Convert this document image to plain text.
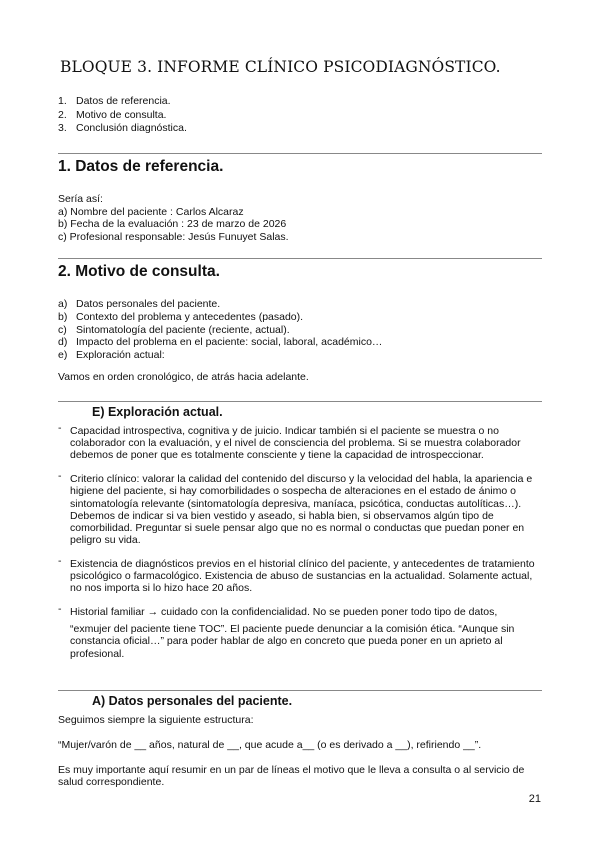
BLOQUE 3. INFORME CLÍNICO PSICODIAGNÓSTICO.
1. Datos de referencia.
2. Motivo de consulta.
3. Conclusión diagnóstica.
1. Datos de referencia.
Sería así:
a) Nombre del paciente : Carlos Alcaraz
b) Fecha de la evaluación : 23 de marzo de 2026
c) Profesional responsable: Jesús Funuyet Salas.
2. Motivo de consulta.
a) Datos personales del paciente.
b) Contexto del problema y antecedentes (pasado).
c) Sintomatología del paciente (reciente, actual).
d) Impacto del problema en el paciente: social, laboral, académico…
e) Exploración actual:
Vamos en orden cronológico, de atrás hacia adelante.
E) Exploración actual.
- Capacidad introspectiva, cognitiva y de juicio. Indicar también si el paciente se muestra o no colaborador con la evaluación, y el nivel de consciencia del problema. Si se muestra colaborador debemos de poner que es totalmente consciente y tiene la capacidad de introspeccionar.

- Criterio clínico: valorar la calidad del contenido del discurso y la velocidad del habla, la apariencia e higiene del paciente, si hay comorbilidades o sospecha de alteraciones en el estado de ánimo o sintomatología relevante (sintomatología depresiva, maníaca, psicótica, conductas autolíticas…). Debemos de indicar si va bien vestido y aseado, si habla bien, si observamos algún tipo de comorbilidad. Preguntar si suele pensar algo que no es normal o conductas que puedan poner en peligro su vida.

- Existencia de diagnósticos previos en el historial clínico del paciente, y antecedentes de tratamiento psicológico o farmacológico. Existencia de abuso de sustancias en la actualidad. Solamente actual, no nos importa si lo hizo hace 20 años.

- Historial familiar → cuidado con la confidencialidad. No se pueden poner todo tipo de datos,

“exmujer del paciente tiene TOC”. El paciente puede denunciar a la comisión ética. “Aunque sin constancia oficial…” para poder hablar de algo en concreto que pueda poner en un aprieto al profesional.

A) Datos personales del paciente.
Seguimos siempre la siguiente estructura:
“Mujer/varón de __ años, natural de __, que acude a__ (o es derivado a __), refiriendo __”.
Es muy importante aquí resumir en un par de líneas el motivo que le lleva a consulta o al servicio de salud correspondiente.
21
